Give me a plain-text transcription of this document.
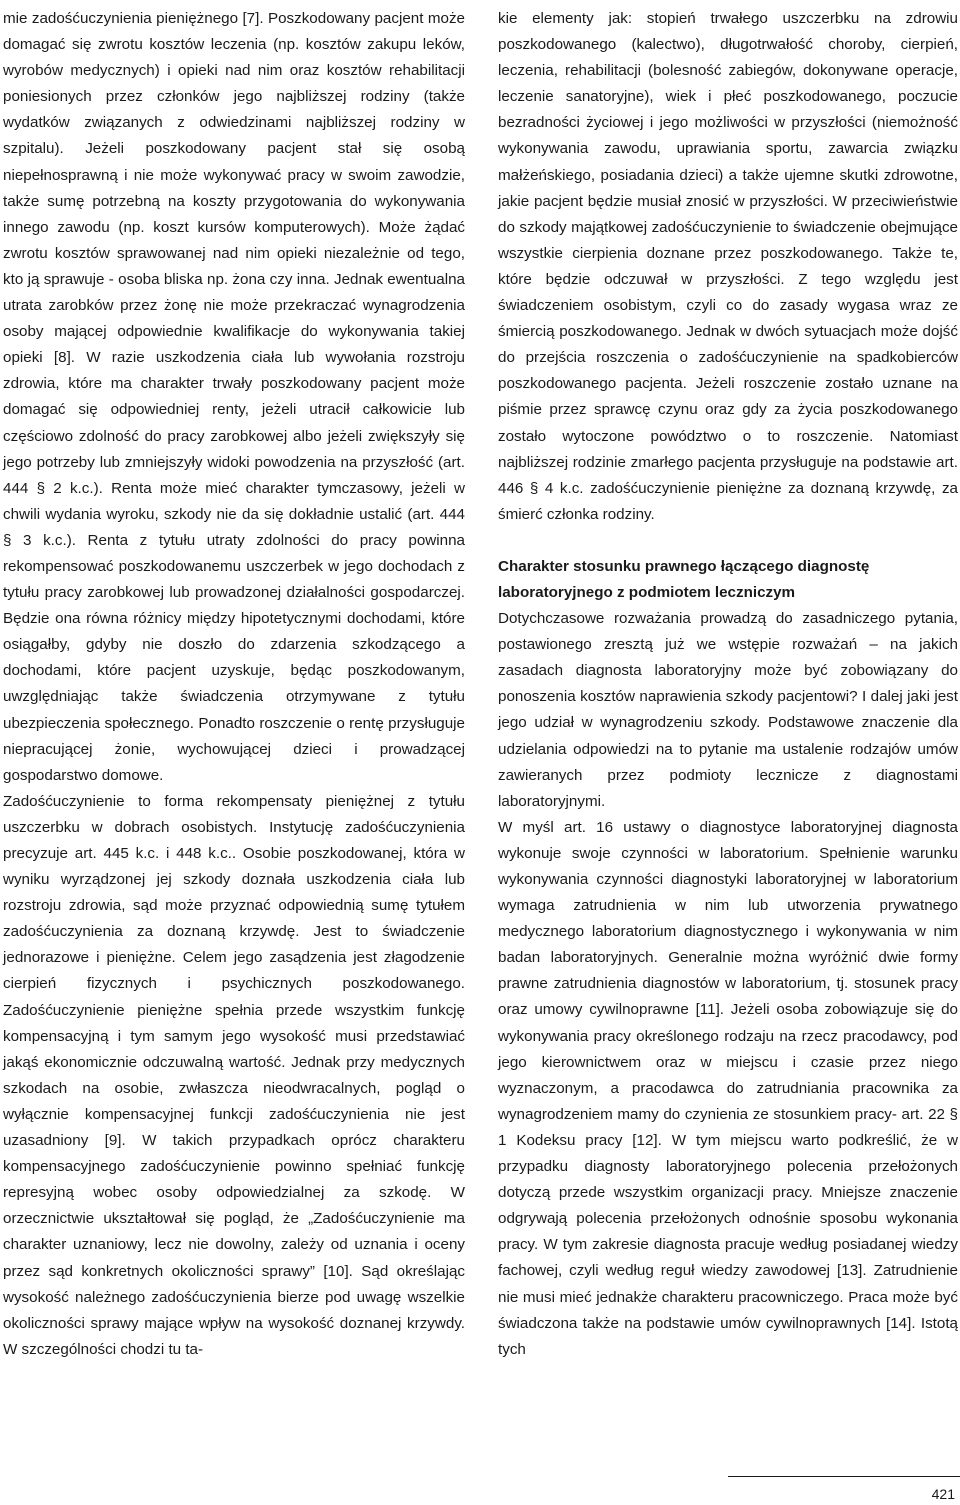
mie zadośćuczynienia pieniężnego [7]. Poszkodowany pacjent może domagać się zwrotu kosztów leczenia (np. kosztów zakupu leków, wyrobów medycznych) i opieki nad nim oraz kosztów rehabilitacji poniesionych przez członków jego najbliższej rodziny (także wydatków związanych z odwiedzinami najbliższej rodziny w szpitalu). Jeżeli poszkodowany pacjent stał się osobą niepełnosprawną i nie może wykonywać pracy w swoim zawodzie, także sumę potrzebną na koszty przygotowania do wykonywania innego zawodu (np. koszt kursów komputerowych). Może żądać zwrotu kosztów sprawowanej nad nim opieki niezależnie od tego, kto ją sprawuje - osoba bliska np. żona czy inna. Jednak ewentualna utrata zarobków przez żonę nie może przekraczać wynagrodzenia osoby mającej odpowiednie kwalifikacje do wykonywania takiej opieki [8]. W razie uszkodzenia ciała lub wywołania rozstroju zdrowia, które ma charakter trwały poszkodowany pacjent może domagać się odpowiedniej renty, jeżeli utracił całkowicie lub częściowo zdolność do pracy zarobkowej albo jeżeli zwiększyły się jego potrzeby lub zmniejszyły widoki powodzenia na przyszłość (art. 444 § 2 k.c.). Renta może mieć charakter tymczasowy, jeżeli w chwili wydania wyroku, szkody nie da się dokładnie ustalić (art. 444 § 3 k.c.). Renta z tytułu utraty zdolności do pracy powinna rekompensować poszkodowanemu uszczerbek w jego dochodach z tytułu pracy zarobkowej lub prowadzonej działalności gospodarczej. Będzie ona równa różnicy między hipotetycznymi dochodami, które osiągałby, gdyby nie doszło do zdarzenia szkodzącego a dochodami, które pacjent uzyskuje, będąc poszkodowanym, uwzględniając także świadczenia otrzymywane z tytułu ubezpieczenia społecznego. Ponadto roszczenie o rentę przysługuje niepracującej żonie, wychowującej dzieci i prowadzącej gospodarstwo domowe.

Zadośćuczynienie to forma rekompensaty pieniężnej z tytułu uszczerbku w dobrach osobistych. Instytucję zadośćuczynienia precyzuje art. 445 k.c. i 448 k.c.. Osobie poszkodowanej, która w wyniku wyrządzonej jej szkody doznała uszkodzenia ciała lub rozstroju zdrowia, sąd może przyznać odpowiednią sumę tytułem zadośćuczynienia za doznaną krzywdę. Jest to świadczenie jednorazowe i pieniężne. Celem jego zasądzenia jest złagodzenie cierpień fizycznych i psychicznych poszkodowanego. Zadośćuczynienie pieniężne spełnia przede wszystkim funkcję kompensacyjną i tym samym jego wysokość musi przedstawiać jakąś ekonomicznie odczuwalną wartość. Jednak przy medycznych szkodach na osobie, zwłaszcza nieodwracalnych, pogląd o wyłącznie kompensacyjnej funkcji zadośćuczynienia nie jest uzasadniony [9]. W takich przypadkach oprócz charakteru kompensacyjnego zadośćuczynienie powinno spełniać funkcję represyjną wobec osoby odpowiedzialnej za szkodę. W orzecznictwie ukształtował się pogląd, że „Zadośćuczynienie ma charakter uznaniowy, lecz nie dowolny, zależy od uznania i oceny przez sąd konkretnych okoliczności sprawy” [10]. Sąd określając wysokość należnego zadośćuczynienia bierze pod uwagę wszelkie okoliczności sprawy mające wpływ na wysokość doznanej krzywdy. W szczególności chodzi tu ta-

kie elementy jak: stopień trwałego uszczerbku na zdrowiu poszkodowanego (kalectwo), długotrwałość choroby, cierpień, leczenia, rehabilitacji (bolesność zabiegów, dokonywane operacje, leczenie sanatoryjne), wiek i płeć poszkodowanego, poczucie bezradności życiowej i jego możliwości w przyszłości (niemożność wykonywania zawodu, uprawiania sportu, zawarcia związku małżeńskiego, posiadania dzieci) a także ujemne skutki zdrowotne, jakie pacjent będzie musiał znosić w przyszłości. W przeciwieństwie do szkody majątkowej zadośćuczynienie to świadczenie obejmujące wszystkie cierpienia doznane przez poszkodowanego. Także te, które będzie odczuwał w przyszłości. Z tego względu jest świadczeniem osobistym, czyli co do zasady wygasa wraz ze śmiercią poszkodowanego. Jednak w dwóch sytuacjach może dojść do przejścia roszczenia o zadośćuczynienie na spadkobierców poszkodowanego pacjenta. Jeżeli roszczenie zostało uznane na piśmie przez sprawcę czynu oraz gdy za życia poszkodowanego zostało wytoczone powództwo o to roszczenie. Natomiast najbliższej rodzinie zmarłego pacjenta przysługuje na podstawie art. 446 § 4 k.c. zadośćuczynienie pieniężne za doznaną krzywdę, za śmierć członka rodziny.

Charakter stosunku prawnego łączącego diagnostę laboratoryjnego z podmiotem leczniczym

Dotychczasowe rozważania prowadzą do zasadniczego pytania, postawionego zresztą już we wstępie rozważań – na jakich zasadach diagnosta laboratoryjny może być zobowiązany do ponoszenia kosztów naprawienia szkody pacjentowi? I dalej jaki jest jego udział w wynagrodzeniu szkody. Podstawowe znaczenie dla udzielania odpowiedzi na to pytanie ma ustalenie rodzajów umów zawieranych przez podmioty lecznicze z diagnostami laboratoryjnymi.

W myśl art. 16 ustawy o diagnostyce laboratoryjnej diagnosta wykonuje swoje czynności w laboratorium. Spełnienie warunku wykonywania czynności diagnostyki laboratoryjnej w laboratorium wymaga zatrudnienia w nim lub utworzenia prywatnego medycznego laboratorium diagnostycznego i wykonywania w nim badan laboratoryjnych. Generalnie można wyróżnić dwie formy prawne zatrudnienia diagnostów w laboratorium, tj. stosunek pracy oraz umowy cywilnoprawne [11]. Jeżeli osoba zobowiązuje się do wykonywania pracy określonego rodzaju na rzecz pracodawcy, pod jego kierownictwem oraz w miejscu i czasie przez niego wyznaczonym, a pracodawca do zatrudniania pracownika za wynagrodzeniem mamy do czynienia ze stosunkiem pracy- art. 22 § 1 Kodeksu pracy [12]. W tym miejscu warto podkreślić, że w przypadku diagnosty laboratoryjnego polecenia przełożonych dotyczą przede wszystkim organizacji pracy. Mniejsze znaczenie odgrywają polecenia przełożonych odnośnie sposobu wykonania pracy. W tym zakresie diagnosta pracuje według posiadanej wiedzy fachowej, czyli według reguł wiedzy zawodowej [13]. Zatrudnienie nie musi mieć jednakże charakteru pracowniczego. Praca może być świadczona także na podstawie umów cywilnoprawnych [14]. Istotą tych

421
